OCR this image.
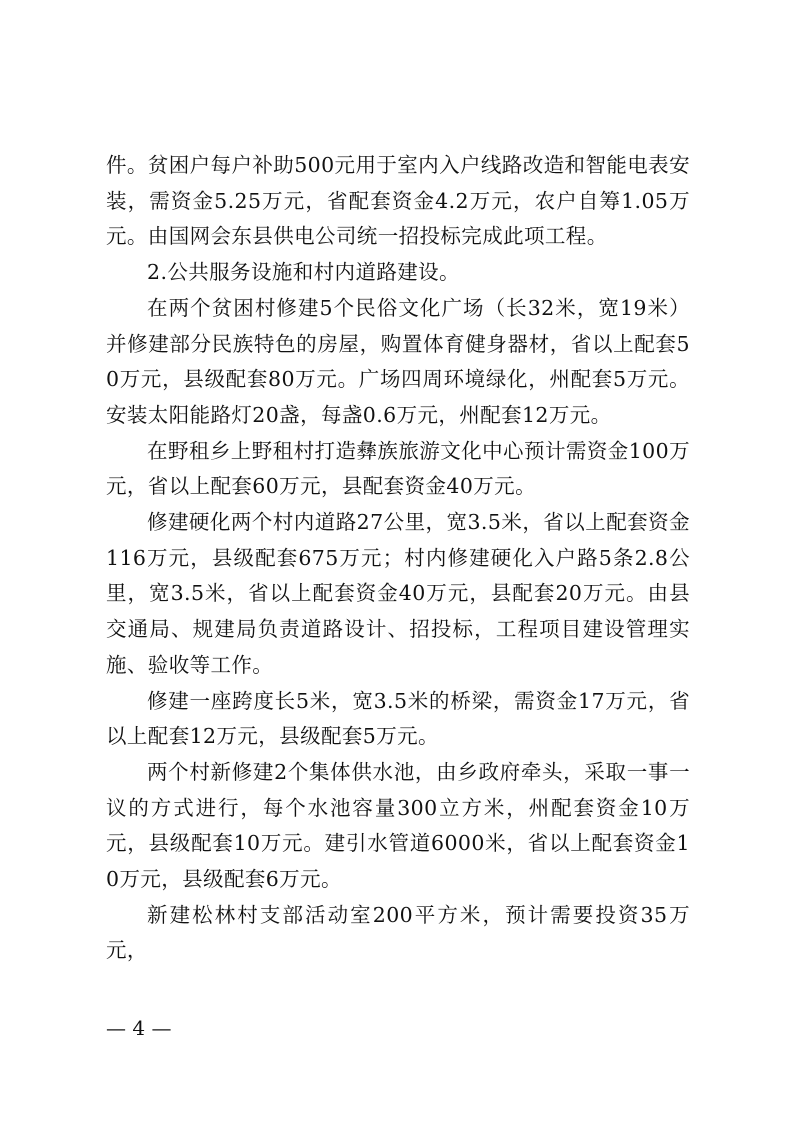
件。贫困户每户补助500元用于室内入户线路改造和智能电表安装，需资金5.25万元，省配套资金4.2万元，农户自筹1.05万元。由国网会东县供电公司统一招投标完成此项工程。

2.公共服务设施和村内道路建设。

在两个贫困村修建5个民俗文化广场（长32米，宽19米）并修建部分民族特色的房屋，购置体育健身器材，省以上配套50万元，县级配套80万元。广场四周环境绿化，州配套5万元。安装太阳能路灯20盏，每盏0.6万元，州配套12万元。

在野租乡上野租村打造彝族旅游文化中心预计需资金100万元，省以上配套60万元，县配套资金40万元。

修建硬化两个村内道路27公里，宽3.5米，省以上配套资金116万元，县级配套675万元；村内修建硬化入户路5条2.8公里，宽3.5米，省以上配套资金40万元，县配套20万元。由县交通局、规建局负责道路设计、招投标，工程项目建设管理实施、验收等工作。

修建一座跨度长5米，宽3.5米的桥梁，需资金17万元，省以上配套12万元，县级配套5万元。

两个村新修建2个集体供水池，由乡政府牵头，采取一事一议的方式进行，每个水池容量300立方米，州配套资金10万元，县级配套10万元。建引水管道6000米，省以上配套资金10万元，县级配套6万元。

新建松林村支部活动室200平方米，预计需要投资35万元，

— 4 —
